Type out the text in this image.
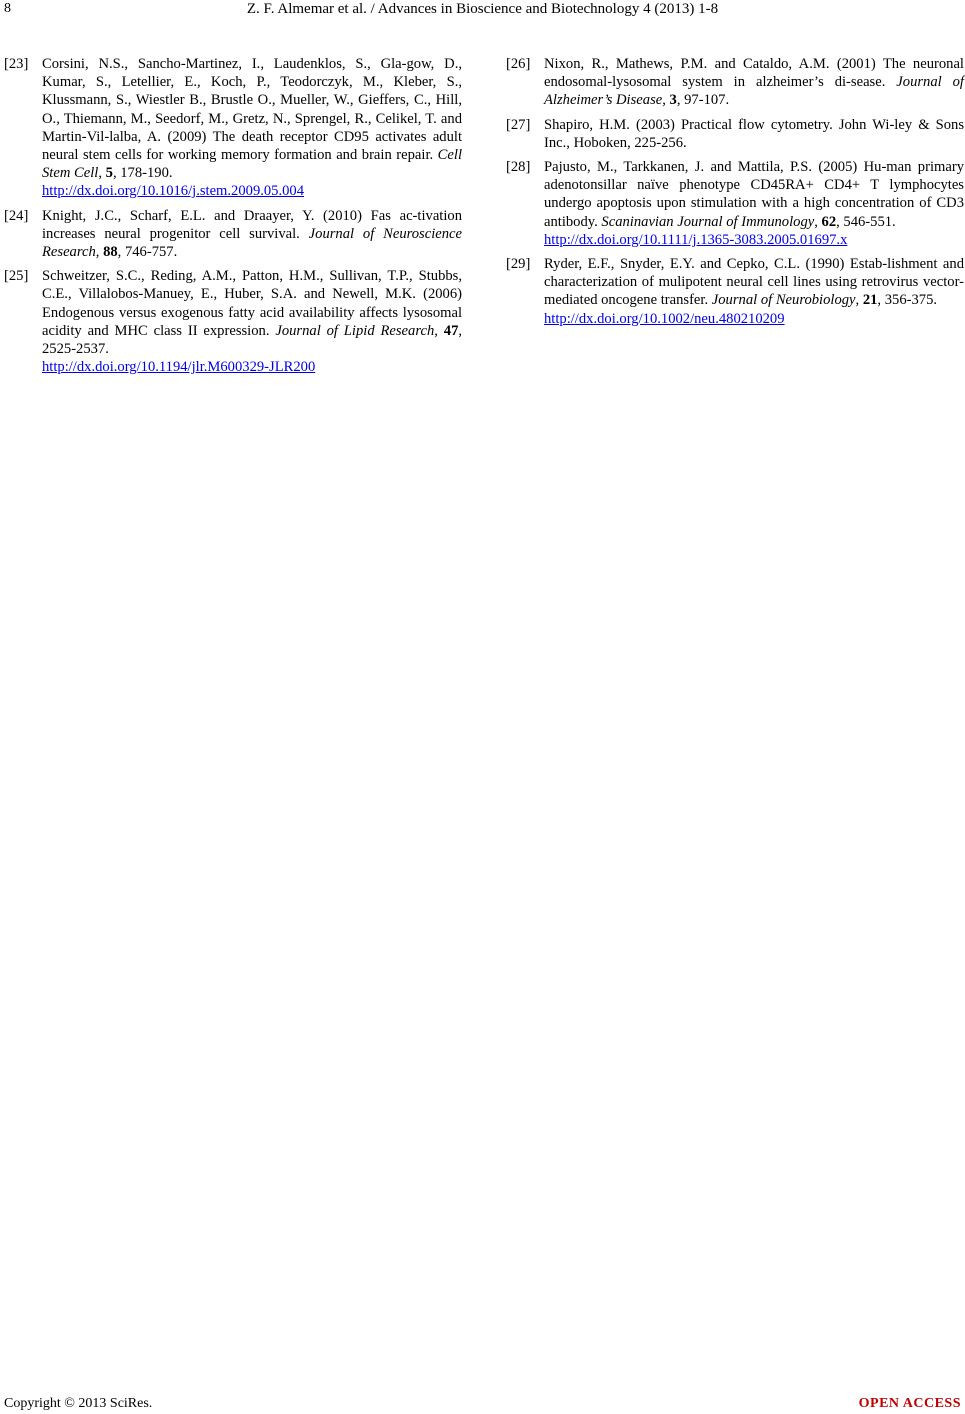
8	Z. F. Almemar et al. / Advances in Bioscience and Biotechnology 4 (2013) 1-8
[23] Corsini, N.S., Sancho-Martinez, I., Laudenklos, S., Gla-gow, D., Kumar, S., Letellier, E., Koch, P., Teodorczyk, M., Kleber, S., Klussmann, S., Wiestler B., Brustle O., Mueller, W., Gieffers, C., Hill, O., Thiemann, M., Seedorf, M., Gretz, N., Sprengel, R., Celikel, T. and Martin-Vil-lalba, A. (2009) The death receptor CD95 activates adult neural stem cells for working memory formation and brain repair. Cell Stem Cell, 5, 178-190.
http://dx.doi.org/10.1016/j.stem.2009.05.004
[24] Knight, J.C., Scharf, E.L. and Draayer, Y. (2010) Fas ac-tivation increases neural progenitor cell survival. Journal of Neuroscience Research, 88, 746-757.
[25] Schweitzer, S.C., Reding, A.M., Patton, H.M., Sullivan, T.P., Stubbs, C.E., Villalobos-Manuey, E., Huber, S.A. and Newell, M.K. (2006) Endogenous versus exogenous fatty acid availability affects lysosomal acidity and MHC class II expression. Journal of Lipid Research, 47, 2525-2537.
http://dx.doi.org/10.1194/jlr.M600329-JLR200
[26] Nixon, R., Mathews, P.M. and Cataldo, A.M. (2001) The neuronal endosomal-lysosomal system in alzheimer’s di-sease. Journal of Alzheimer’s Disease, 3, 97-107.
[27] Shapiro, H.M. (2003) Practical flow cytometry. John Wi-ley & Sons Inc., Hoboken, 225-256.
[28] Pajusto, M., Tarkkanen, J. and Mattila, P.S. (2005) Hu-man primary adenotonsillar naïve phenotype CD45RA+ CD4+ T lymphocytes undergo apoptosis upon stimulation with a high concentration of CD3 antibody. Scaninavian Journal of Immunology, 62, 546-551.
http://dx.doi.org/10.1111/j.1365-3083.2005.01697.x
[29] Ryder, E.F., Snyder, E.Y. and Cepko, C.L. (1990) Estab-lishment and characterization of mulipotent neural cell lines using retrovirus vector-mediated oncogene transfer. Journal of Neurobiology, 21, 356-375.
http://dx.doi.org/10.1002/neu.480210209
Copyright © 2013 SciRes.	OPEN ACCESS
